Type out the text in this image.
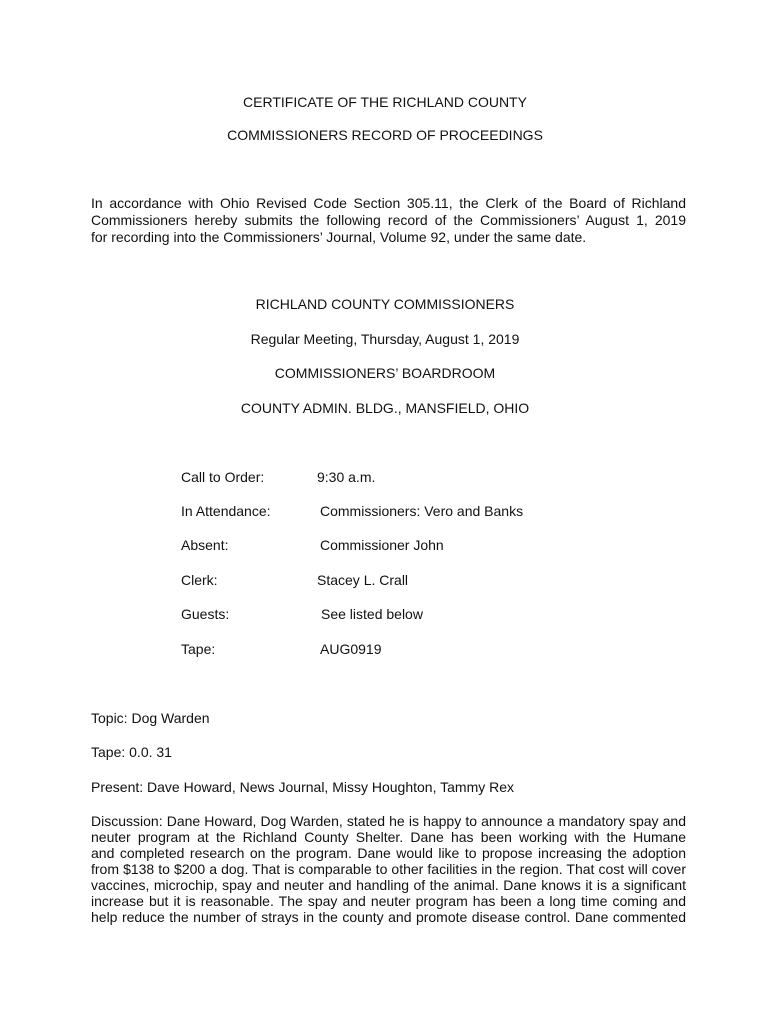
CERTIFICATE OF THE RICHLAND COUNTY
COMMISSIONERS RECORD OF PROCEEDINGS
In accordance with Ohio Revised Code Section 305.11, the Clerk of the Board of Richland
Commissioners hereby submits the following record of the Commissioners’ August 1, 2019
for recording into the Commissioners’ Journal, Volume 92, under the same date.
RICHLAND COUNTY COMMISSIONERS
Regular Meeting, Thursday, August 1, 2019
COMMISSIONERS’ BOARDROOM
COUNTY ADMIN. BLDG., MANSFIELD, OHIO
Call to Order:	9:30 a.m.
In Attendance:	Commissioners: Vero and Banks
Absent:	Commissioner John
Clerk:	Stacey L. Crall
Guests:	See listed below
Tape:	AUG0919
Topic: Dog Warden
Tape: 0.0. 31
Present: Dave Howard, News Journal, Missy Houghton, Tammy Rex
Discussion: Dane Howard, Dog Warden, stated he is happy to announce a mandatory spay and
neuter program at the Richland County Shelter. Dane has been working with the Humane
and completed research on the program. Dane would like to propose increasing the adoption
from $138 to $200 a dog. That is comparable to other facilities in the region. That cost will cover
vaccines, microchip, spay and neuter and handling of the animal. Dane knows it is a significant
increase but it is reasonable. The spay and neuter program has been a long time coming and
help reduce the number of strays in the county and promote disease control. Dane commented
